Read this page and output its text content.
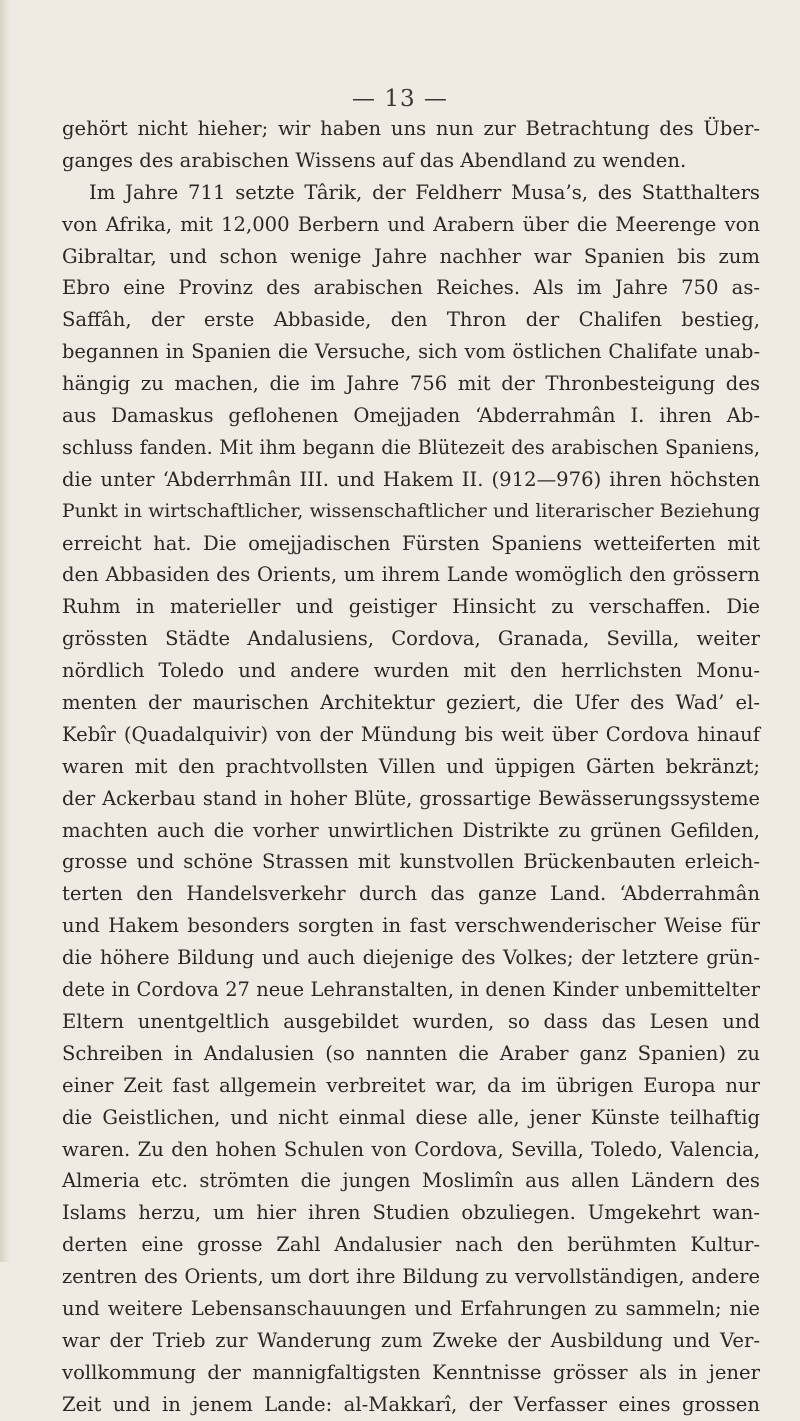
— 13 —
gehört nicht hieher; wir haben uns nun zur Betrachtung des Über-
ganges des arabischen Wissens auf das Abendland zu wenden.
Im Jahre 711 setzte Târik, der Feldherr Musa’s, des Statthalters
von Afrika, mit 12,000 Berbern und Arabern über die Meerenge von
Gibraltar, und schon wenige Jahre nachher war Spanien bis zum
Ebro eine Provinz des arabischen Reiches. Als im Jahre 750 as-
Saffâh, der erste Abbaside, den Thron der Chalifen bestieg,
begannen in Spanien die Versuche, sich vom östlichen Chalifate unab-
hängig zu machen, die im Jahre 756 mit der Thronbesteigung des
aus Damaskus geflohenen Omejjaden ‘Abderrahmân I. ihren Ab-
schluss fanden. Mit ihm begann die Blütezeit des arabischen Spaniens,
die unter ‘Abderrhmân III. und Hakem II. (912—976) ihren höchsten
Punkt in wirtschaftlicher, wissenschaftlicher und literarischer Beziehung
erreicht hat. Die omejjadischen Fürsten Spaniens wetteiferten mit
den Abbasiden des Orients, um ihrem Lande womöglich den grössern
Ruhm in materieller und geistiger Hinsicht zu verschaffen. Die
grössten Städte Andalusiens, Cordova, Granada, Sevilla, weiter
nördlich Toledo und andere wurden mit den herrlichsten Monu-
menten der maurischen Architektur geziert, die Ufer des Wad’ el-
Kebîr (Quadalquivir) von der Mündung bis weit über Cordova hinauf
waren mit den prachtvollsten Villen und üppigen Gärten bekränzt;
der Ackerbau stand in hoher Blüte, grossartige Bewässerungssysteme
machten auch die vorher unwirtlichen Distrikte zu grünen Gefilden,
grosse und schöne Strassen mit kunstvollen Brückenbauten erleich-
terten den Handelsverkehr durch das ganze Land. ‘Abderrahmân
und Hakem besonders sorgten in fast verschwenderischer Weise für
die höhere Bildung und auch diejenige des Volkes; der letztere grün-
dete in Cordova 27 neue Lehranstalten, in denen Kinder unbemittelter
Eltern unentgeltlich ausgebildet wurden, so dass das Lesen und
Schreiben in Andalusien (so nannten die Araber ganz Spanien) zu
einer Zeit fast allgemein verbreitet war, da im übrigen Europa nur
die Geistlichen, und nicht einmal diese alle, jener Künste teilhaftig
waren. Zu den hohen Schulen von Cordova, Sevilla, Toledo, Valencia,
Almeria etc. strömten die jungen Moslimîn aus allen Ländern des
Islams herzu, um hier ihren Studien obzuliegen. Umgekehrt wan-
derten eine grosse Zahl Andalusier nach den berühmten Kultur-
zentren des Orients, um dort ihre Bildung zu vervollständigen, andere
und weitere Lebensanschauungen und Erfahrungen zu sammeln; nie
war der Trieb zur Wanderung zum Zweke der Ausbildung und Ver-
vollkommung der mannigfaltigsten Kenntnisse grösser als in jener
Zeit und in jenem Lande: al-Makkarî, der Verfasser eines grossen
